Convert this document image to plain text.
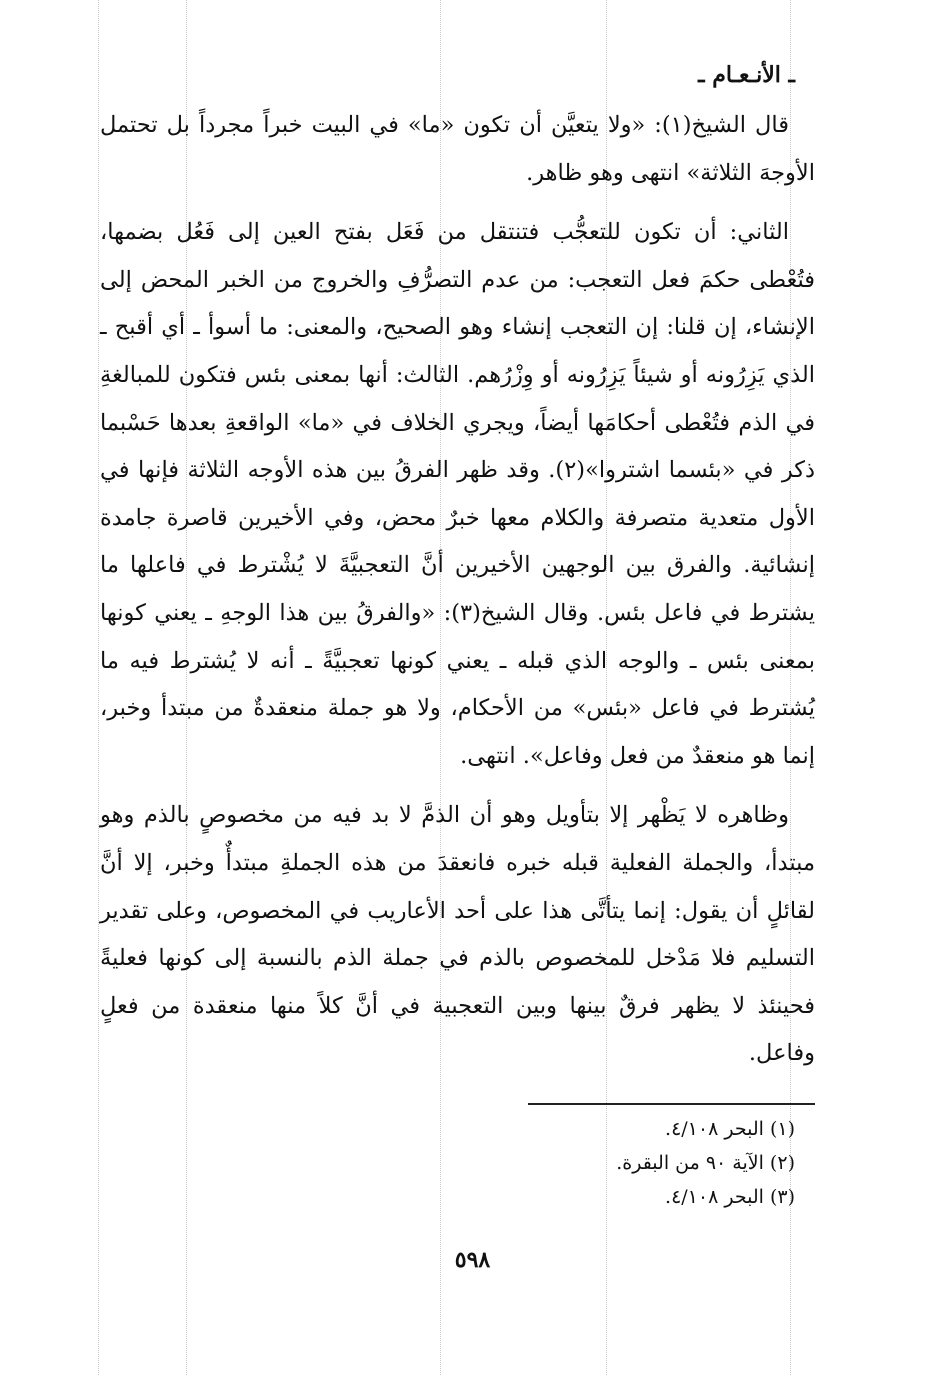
ـ الأنـعـام ـ

قال الشيخ(١): «ولا يتعيَّن أن تكون «ما» في البيت خبراً مجرداً بل تحتمل الأوجهَ الثلاثة» انتهى وهو ظاهر.

الثاني: أن تكون للتعجُّب فتنتقل من فَعَل بفتح العين إلى فَعُل بضمها، فتُعْطى حكمَ فعل التعجب: من عدم التصرُّفِ والخروج من الخبر المحض إلى الإنشاء، إن قلنا: إن التعجب إنشاء وهو الصحيح، والمعنى: ما أسوأ ـ أي أقبح ـ الذي يَزِرُونه أو شيئاً يَزِرُونه أو وِزْرُهم. الثالث: أنها بمعنى بئس فتكون للمبالغةِ في الذم فتُعْطى أحكامَها أيضاً، ويجري الخلاف في «ما» الواقعةِ بعدها حَسْبما ذكر في «بئسما اشتروا»(٢). وقد ظهر الفرقُ بين هذه الأوجه الثلاثة فإنها في الأول متعدية متصرفة والكلام معها خبرٌ محض، وفي الأخيرين قاصرة جامدة إنشائية. والفرق بين الوجهين الأخيرين أنَّ التعجبيَّةَ لا يُشْترط في فاعلها ما يشترط في فاعل بئس. وقال الشيخ(٣): «والفرقُ بين هذا الوجهِ ـ يعني كونها بمعنى بئس ـ والوجه الذي قبله ـ يعني كونها تعجبيَّةً ـ أنه لا يُشترط فيه ما يُشترط في فاعل «بئس» من الأحكام، ولا هو جملة منعقدةٌ من مبتدأ وخبر، إنما هو منعقدٌ من فعل وفاعل». انتهى.

وظاهره لا يَظْهر إلا بتأويل وهو أن الذمَّ لا بد فيه من مخصوصٍ بالذم وهو مبتدأ، والجملة الفعلية قبله خبره فانعقدَ من هذه الجملةِ مبتدأٌ وخبر، إلا أنَّ لقائلٍ أن يقول: إنما يتأتَّى هذا على أحد الأعاريب في المخصوص، وعلى تقدير التسليم فلا مَدْخل للمخصوص بالذم في جملة الذم بالنسبة إلى كونها فعليةً فحينئذ لا يظهر فرقٌ بينها وبين التعجبية في أنَّ كلاً منها منعقدة من فعلٍ وفاعل.

(١) البحر ٤/١٠٨.
(٢) الآية ٩٠ من البقرة.
(٣) البحر ٤/١٠٨.
٥٩٨
